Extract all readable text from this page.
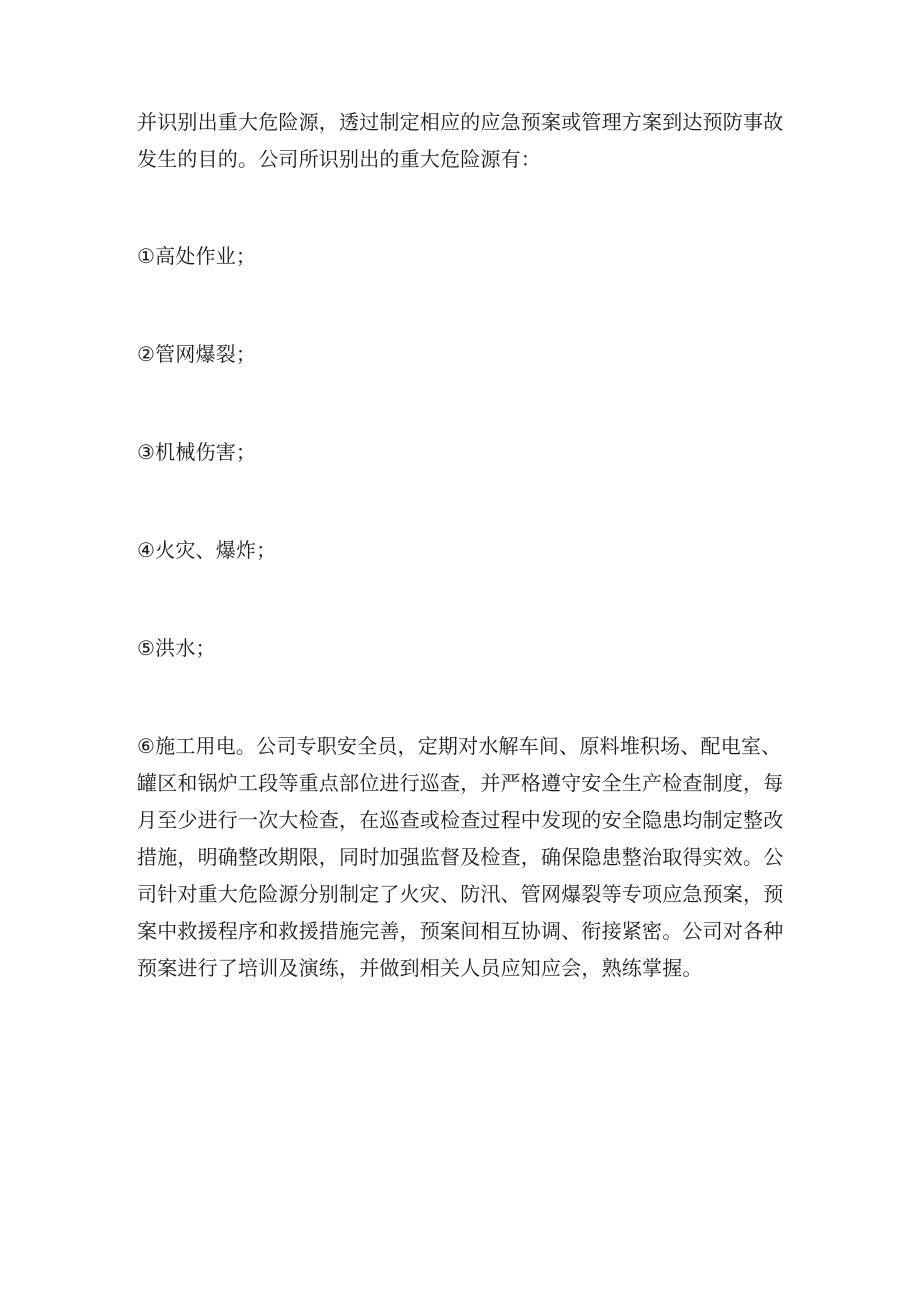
并识别出重大危险源，透过制定相应的应急预案或管理方案到达预防事故发生的目的。公司所识别出的重大危险源有：

①高处作业；

②管网爆裂；

③机械伤害；

④火灾、爆炸；

⑤洪水；

⑥施工用电。公司专职安全员，定期对水解车间、原料堆积场、配电室、罐区和锅炉工段等重点部位进行巡查，并严格遵守安全生产检查制度，每月至少进行一次大检查，在巡查或检查过程中发现的安全隐患均制定整改措施，明确整改期限，同时加强监督及检查，确保隐患整治取得实效。公司针对重大危险源分别制定了火灾、防汛、管网爆裂等专项应急预案，预案中救援程序和救援措施完善，预案间相互协调、衔接紧密。公司对各种预案进行了培训及演练，并做到相关人员应知应会，熟练掌握。
